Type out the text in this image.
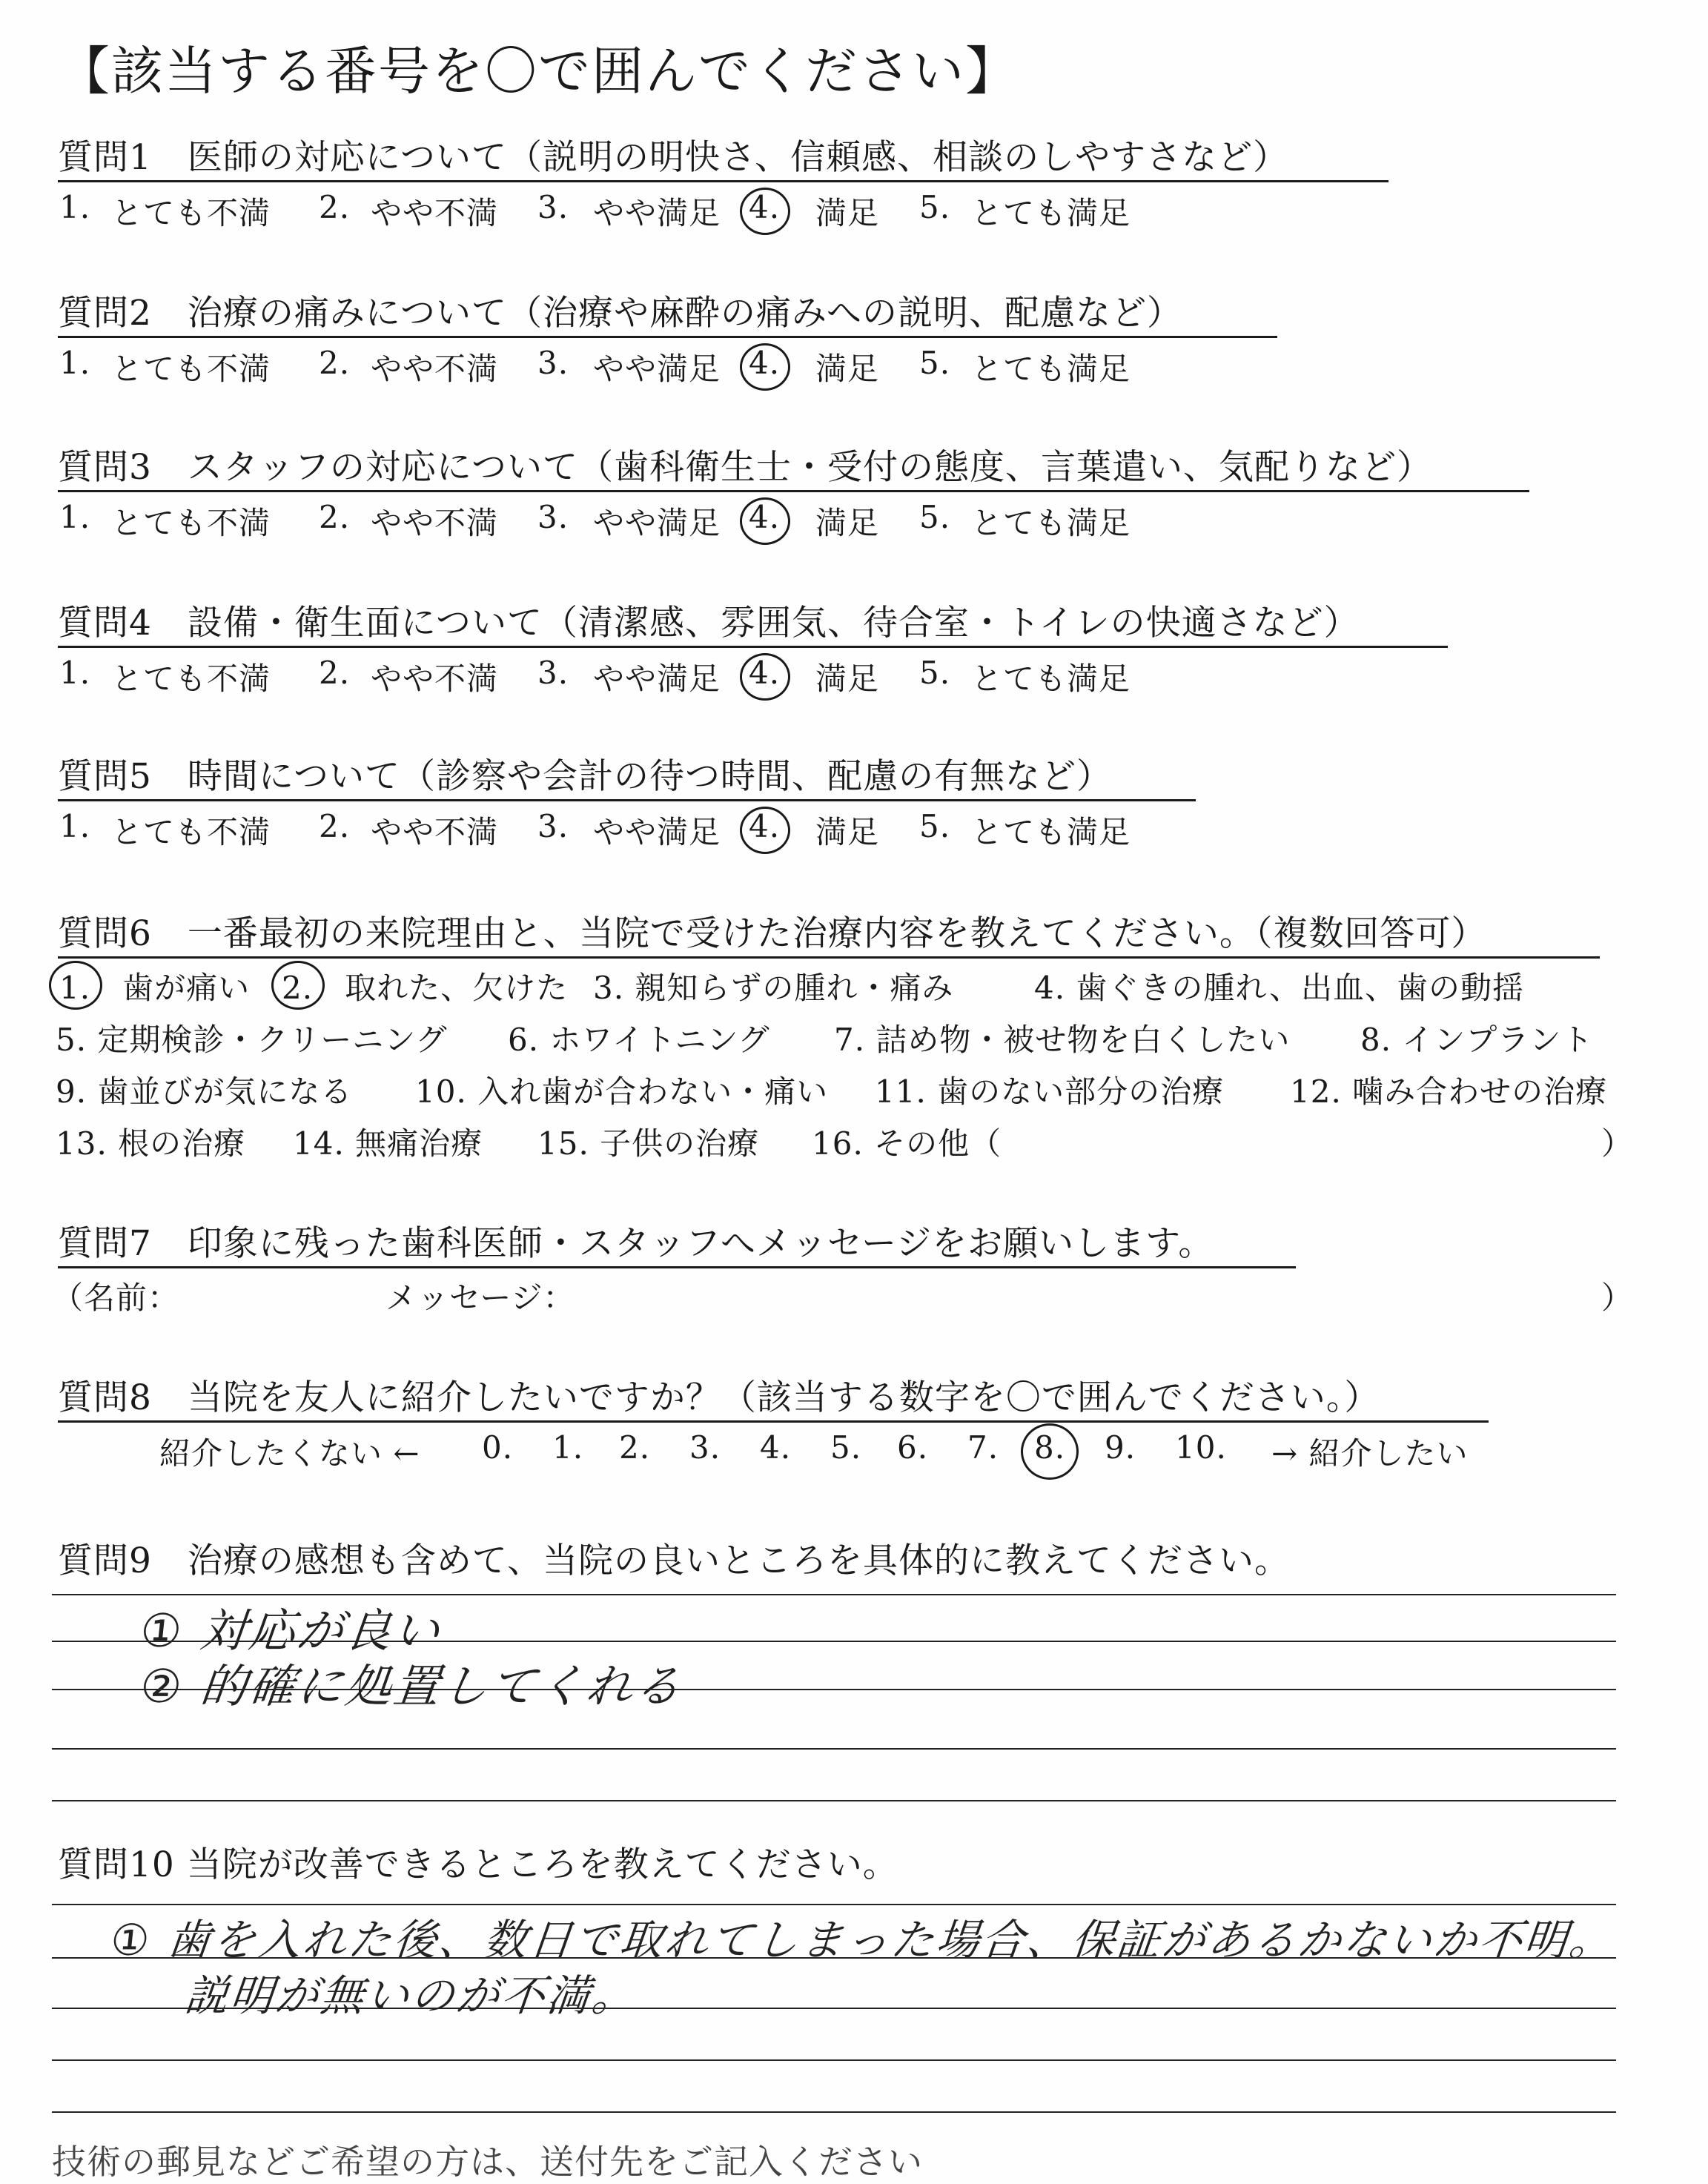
【該当する番号を〇で囲んでください】
質問1　医師の対応について（説明の明快さ、信頼感、相談のしやすさなど）
1. とても不満 2. やや不満 3. やや満足 4. 満足 5. とても満足
質問2　治療の痛みについて（治療や麻酔の痛みへの説明、配慮など）
1. とても不満 2. やや不満 3. やや満足 4. 満足 5. とても満足
質問3　スタッフの対応について（歯科衛生士・受付の態度、言葉遣い、気配りなど）
1. とても不満 2. やや不満 3. やや満足 4. 満足 5. とても満足
質問4　設備・衛生面について（清潔感、雰囲気、待合室・トイレの快適さなど）
1. とても不満 2. やや不満 3. やや満足 4. 満足 5. とても満足
質問5　時間について（診察や会計の待つ時間、配慮の有無など）
1. とても不満 2. やや不満 3. やや満足 4. 満足 5. とても満足
質問6　一番最初の来院理由と、当院で受けた治療内容を教えてください。（複数回答可）
1.　歯が痛い 2.　取れた、欠けた 3. 親知らずの腫れ・痛み	4. 歯ぐきの腫れ、出血、歯の動揺
5. 定期検診・クリーニング 6. ホワイトニング 7. 詰め物・被せ物を白くしたい 8. インプラント
9. 歯並びが気になる 10. 入れ歯が合わない・痛い 11. 歯のない部分の治療 12. 噛み合わせの治療
13. 根の治療 14. 無痛治療 15. 子供の治療 16. その他（	）
質問7　印象に残った歯科医師・スタッフへメッセージをお願いします。
（名前：	メッセージ：	）
質問8　当院を友人に紹介したいですか？（該当する数字を〇で囲んでください。）
紹介したくない ← 0. 1. 2. 3. 4. 5. 6. 7. 8. 9. 10. → 紹介したい
質問9　治療の感想も含めて、当院の良いところを具体的に教えてください。
① 対応が良い
② 的確に処置してくれる
質問10 当院が改善できるところを教えてください。
① 歯を入れた後、数日で取れてしまった場合、保証があるかないか不明。
説明が無いのが不満。
技術の郵見などご希望の方は、送付先をご記入ください
